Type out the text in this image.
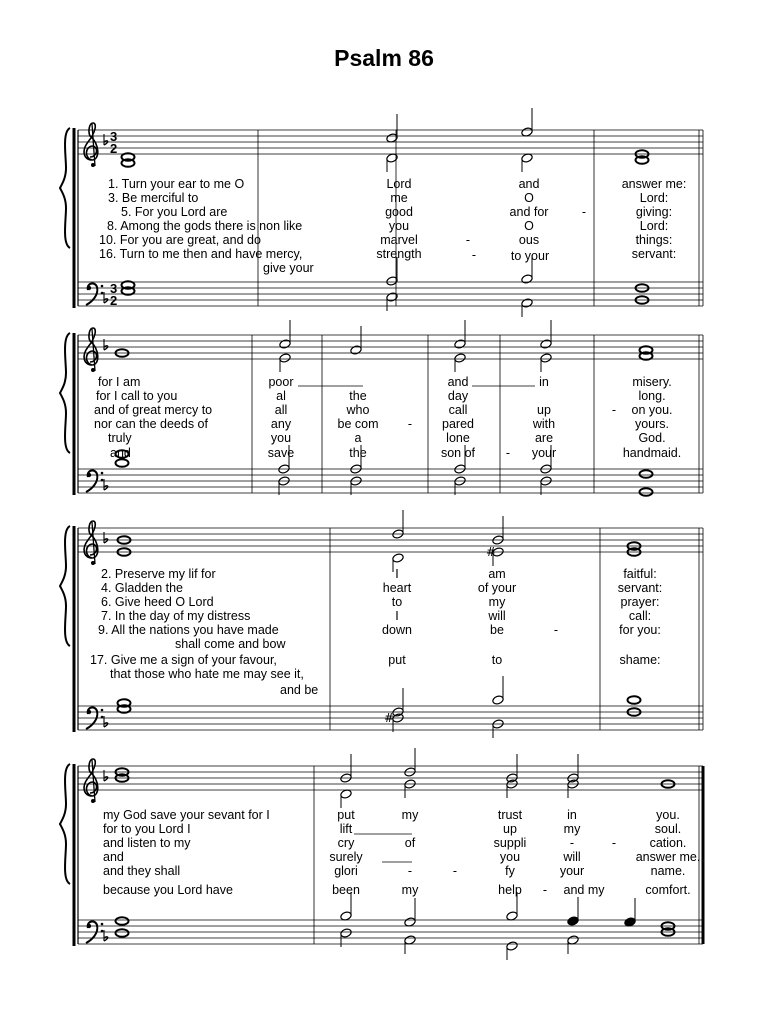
3
2
3
2
#
#
Psalm 86
1. Turn your ear to me O
3. Be merciful to
5. For you Lord are
8. Among the gods there is non like
10. For you are great, and do
16. Turn to me then and have mercy,
give your
Lord
me
good
you
marvel
strength
and
O
and for
O
ous
to your
answer me:
Lord:
giving:
Lord:
things:
servant:
-
-
-
for I am
for I call to you
and of great mercy to
nor can the deeds of
truly
and
poor
al
all
any
you
save
the
who
be com
a
the
and
day
call
pared
lone
son of
in
up
with
are
your
misery.
long.
on you.
yours.
God.
handmaid.
-
-
-
2. Preserve my lif for
4. Gladden the
6. Give heed O Lord
7. In the day of my distress
9. All the nations you have made
shall come and bow
17. Give me a sign of your favour,
that those who hate me may see it,
and be
I
heart
to
I
down
put
am
of your
my
will
be
to
faitful:
servant:
prayer:
call:
for you:
shame:
-
my God save your sevant for I
for to you Lord I
and listen to my
and
and they shall
because you Lord have
put
lift
cry
surely
glori
been
my
of
-
my
trust
up
suppli
you
fy
help
in
my
-
will
your
and my
you.
soul.
cation.
answer me.
name.
comfort.
-
-
-
